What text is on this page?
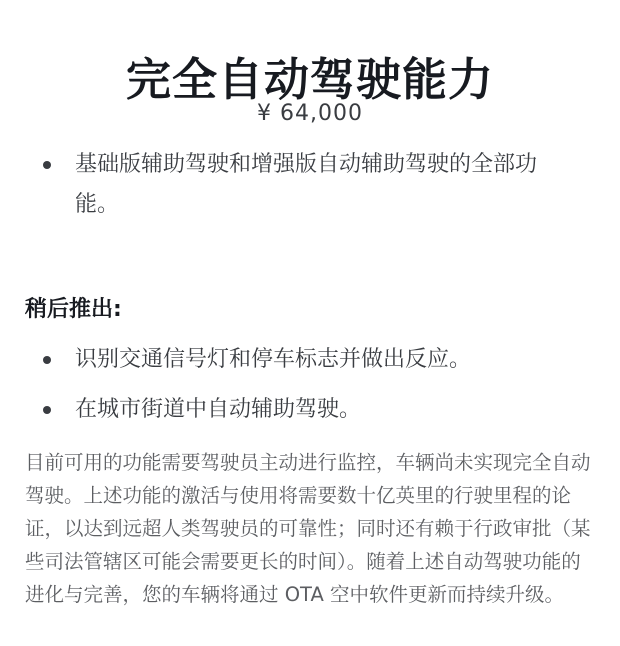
完全自动驾驶能力
¥ 64,000
基础版辅助驾驶和增强版自动辅助驾驶的全部功能。
稍后推出:
识别交通信号灯和停车标志并做出反应。
在城市街道中自动辅助驾驶。

目前可用的功能需要驾驶员主动进行监控，车辆尚未实现完全自动驾驶。上述功能的激活与使用将需要数十亿英里的行驶里程的论证，以达到远超人类驾驶员的可靠性；同时还有赖于行政审批（某些司法管辖区可能会需要更长的时间）。随着上述自动驾驶功能的进化与完善，您的车辆将通过 OTA 空中软件更新而持续升级。
